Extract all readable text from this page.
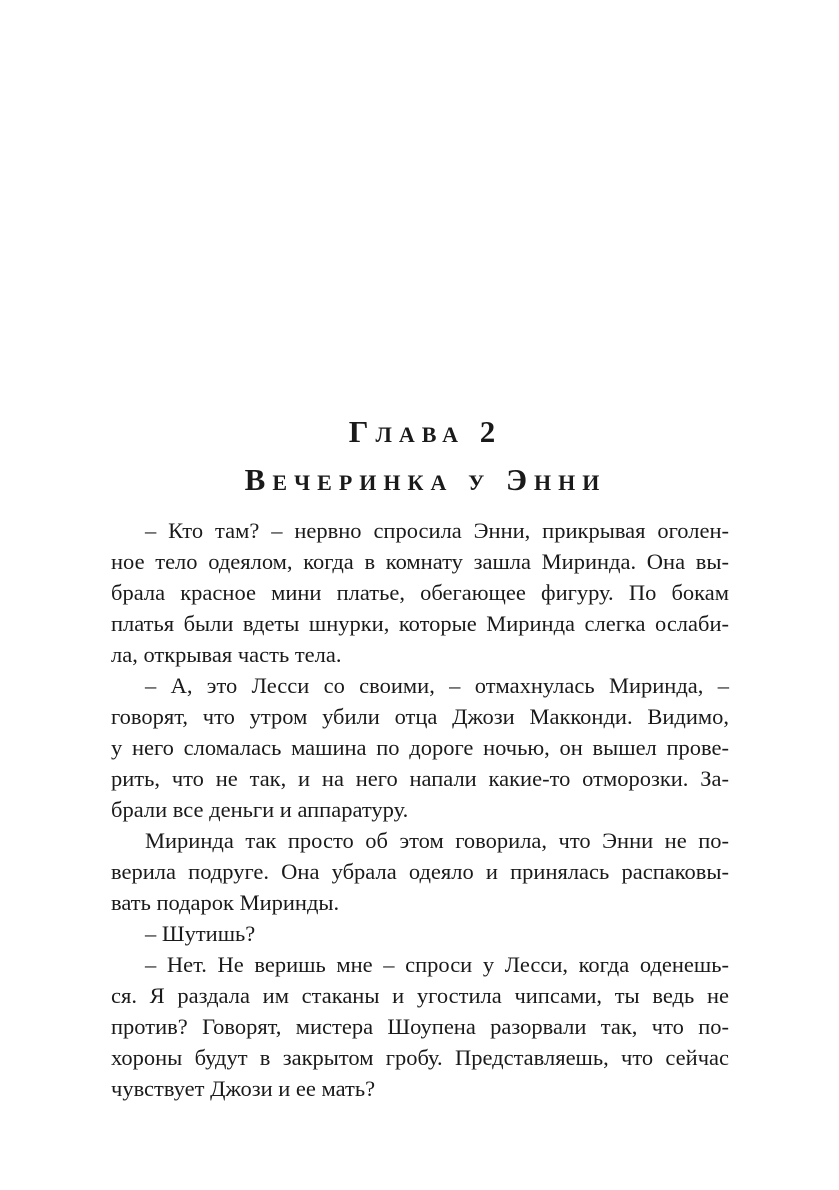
Глава 2
Вечеринка у Энни
– Кто там? – нервно спросила Энни, прикрывая оголен-
ное тело одеялом, когда в комнату зашла Миринда. Она вы-
брала красное мини платье, обегающее фигуру. По бокам
платья были вдеты шнурки, которые Миринда слегка ослаби-
ла, открывая часть тела.
– А, это Лесси со своими, – отмахнулась Миринда, –
говорят, что утром убили отца Джози Макконди. Видимо,
у него сломалась машина по дороге ночью, он вышел прове-
рить, что не так, и на него напали какие-то отморозки. За-
брали все деньги и аппаратуру.
Миринда так просто об этом говорила, что Энни не по-
верила подруге. Она убрала одеяло и принялась распаковы-
вать подарок Миринды.
– Шутишь?
– Нет. Не веришь мне – спроси у Лесси, когда оденешь-
ся. Я раздала им стаканы и угостила чипсами, ты ведь не
против? Говорят, мистера Шоупена разорвали так, что по-
хороны будут в закрытом гробу. Представляешь, что сейчас
чувствует Джози и ее мать?
